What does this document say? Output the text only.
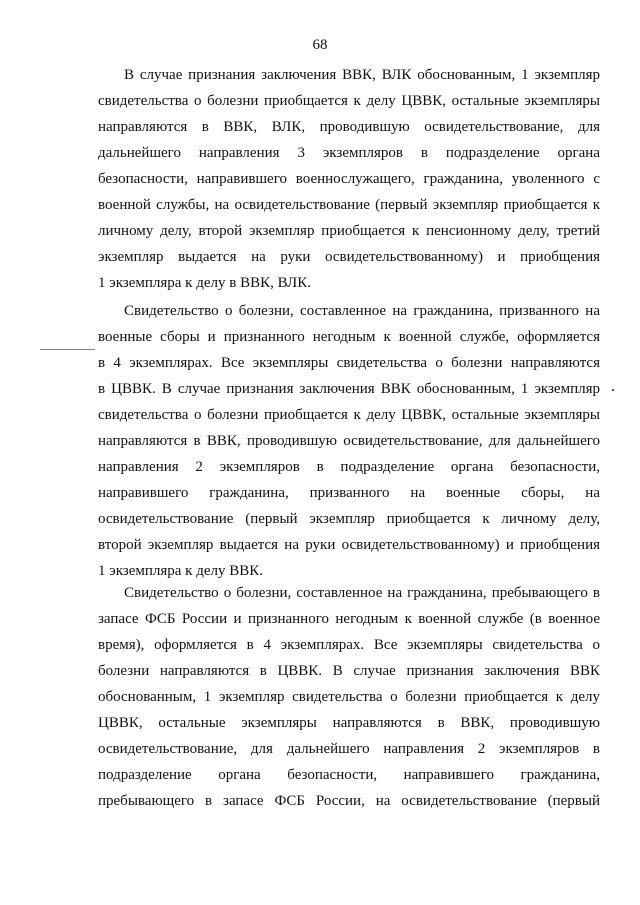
68
В случае признания заключения ВВК, ВЛК обоснованным, 1 экземпляр
свидетельства о болезни приобщается к делу ЦВВК, остальные экземпляры
направляются в ВВК, ВЛК, проводившую освидетельствование, для
дальнейшего направления 3 экземпляров в подразделение органа
безопасности, направившего военнослужащего, гражданина, уволенного с
военной службы, на освидетельствование (первый экземпляр приобщается к
личному делу, второй экземпляр приобщается к пенсионному делу, третий
экземпляр выдается на руки освидетельствованному) и приобщения
1 экземпляра к делу в ВВК, ВЛК.
Свидетельство о болезни, составленное на гражданина, призванного на
военные сборы и признанного негодным к военной службе, оформляется
в 4 экземплярах. Все экземпляры свидетельства о болезни направляются
в ЦВВК. В случае признания заключения ВВК обоснованным, 1 экземпляр
свидетельства о болезни приобщается к делу ЦВВК, остальные экземпляры
направляются в ВВК, проводившую освидетельствование, для дальнейшего
направления 2 экземпляров в подразделение органа безопасности,
направившего гражданина, призванного на военные сборы, на
освидетельствование (первый экземпляр приобщается к личному делу,
второй экземпляр выдается на руки освидетельствованному) и приобщения
1 экземпляра к делу ВВК.
Свидетельство о болезни, составленное на гражданина, пребывающего в
запасе ФСБ России и признанного негодным к военной службе (в военное
время), оформляется в 4 экземплярах. Все экземпляры свидетельства о
болезни направляются в ЦВВК. В случае признания заключения ВВК
обоснованным, 1 экземпляр свидетельства о болезни приобщается к делу
ЦВВК, остальные экземпляры направляются в ВВК, проводившую
освидетельствование, для дальнейшего направления 2 экземпляров в
подразделение органа безопасности, направившего гражданина,
пребывающего в запасе ФСБ России, на освидетельствование (первый
